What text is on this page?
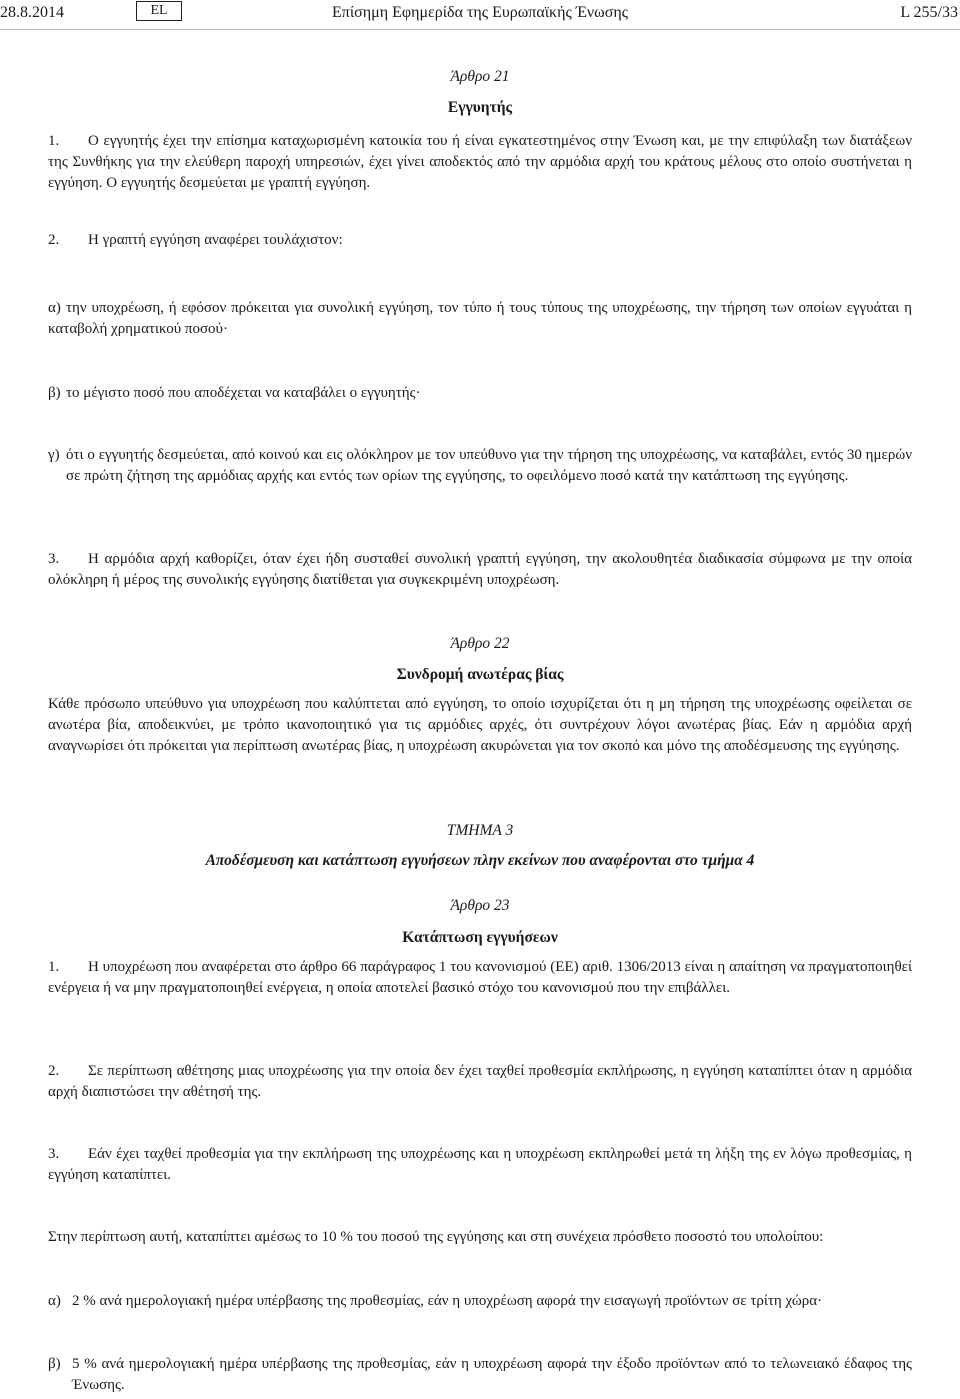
Επίσημη Εφημερίδα της Ευρωπαϊκής Ένωσης
28.8.2014	EL	L 255/33
Άρθρο 21
Εγγυητής
1. Ο εγγυητής έχει την επίσημα καταχωρισμένη κατοικία του ή είναι εγκατεστημένος στην Ένωση και, με την επιφύλαξη των διατάξεων της Συνθήκης για την ελεύθερη παροχή υπηρεσιών, έχει γίνει αποδεκτός από την αρμόδια αρχή του κράτους μέλους στο οποίο συστήνεται η εγγύηση. Ο εγγυητής δεσμεύεται με γραπτή εγγύηση.
2. Η γραπτή εγγύηση αναφέρει τουλάχιστον:
α) την υποχρέωση, ή εφόσον πρόκειται για συνολική εγγύηση, τον τύπο ή τους τύπους της υποχρέωσης, την τήρηση των οποίων εγγυάται η καταβολή χρηματικού ποσού·
β) το μέγιστο ποσό που αποδέχεται να καταβάλει ο εγγυητής·
γ) ότι ο εγγυητής δεσμεύεται, από κοινού και εις ολόκληρον με τον υπεύθυνο για την τήρηση της υποχρέωσης, να καταβάλει, εντός 30 ημερών σε πρώτη ζήτηση της αρμόδιας αρχής και εντός των ορίων της εγγύησης, το οφειλόμενο ποσό κατά την κατάπτωση της εγγύησης.
3. Η αρμόδια αρχή καθορίζει, όταν έχει ήδη συσταθεί συνολική γραπτή εγγύηση, την ακολουθητέα διαδικασία σύμφωνα με την οποία ολόκληρη ή μέρος της συνολικής εγγύησης διατίθεται για συγκεκριμένη υποχρέωση.
Άρθρο 22
Συνδρομή ανωτέρας βίας
Κάθε πρόσωπο υπεύθυνο για υποχρέωση που καλύπτεται από εγγύηση, το οποίο ισχυρίζεται ότι η μη τήρηση της υποχρέωσης οφείλεται σε ανωτέρα βία, αποδεικνύει, με τρόπο ικανοποιητικό για τις αρμόδιες αρχές, ότι συντρέχουν λόγοι ανωτέρας βίας. Εάν η αρμόδια αρχή αναγνωρίσει ότι πρόκειται για περίπτωση ανωτέρας βίας, η υποχρέωση ακυρώνεται για τον σκοπό και μόνο της αποδέσμευσης της εγγύησης.
ΤΜΗΜΑ 3
Αποδέσμευση και κατάπτωση εγγυήσεων πλην εκείνων που αναφέρονται στο τμήμα 4
Άρθρο 23
Κατάπτωση εγγυήσεων
1. Η υποχρέωση που αναφέρεται στο άρθρο 66 παράγραφος 1 του κανονισμού (ΕΕ) αριθ. 1306/2013 είναι η απαίτηση να πραγματοποιηθεί ενέργεια ή να μην πραγματοποιηθεί ενέργεια, η οποία αποτελεί βασικό στόχο του κανονισμού που την επιβάλλει.
2. Σε περίπτωση αθέτησης μιας υποχρέωσης για την οποία δεν έχει ταχθεί προθεσμία εκπλήρωσης, η εγγύηση καταπίπτει όταν η αρμόδια αρχή διαπιστώσει την αθέτησή της.
3. Εάν έχει ταχθεί προθεσμία για την εκπλήρωση της υποχρέωσης και η υποχρέωση εκπληρωθεί μετά τη λήξη της εν λόγω προθεσμίας, η εγγύηση καταπίπτει.
Στην περίπτωση αυτή, καταπίπτει αμέσως το 10 % του ποσού της εγγύησης και στη συνέχεια πρόσθετο ποσοστό του υπολοίπου:
α) 2 % ανά ημερολογιακή ημέρα υπέρβασης της προθεσμίας, εάν η υποχρέωση αφορά την εισαγωγή προϊόντων σε τρίτη χώρα·
β) 5 % ανά ημερολογιακή ημέρα υπέρβασης της προθεσμίας, εάν η υποχρέωση αφορά την έξοδο προϊόντων από το τελωνειακό έδαφος της Ένωσης.
